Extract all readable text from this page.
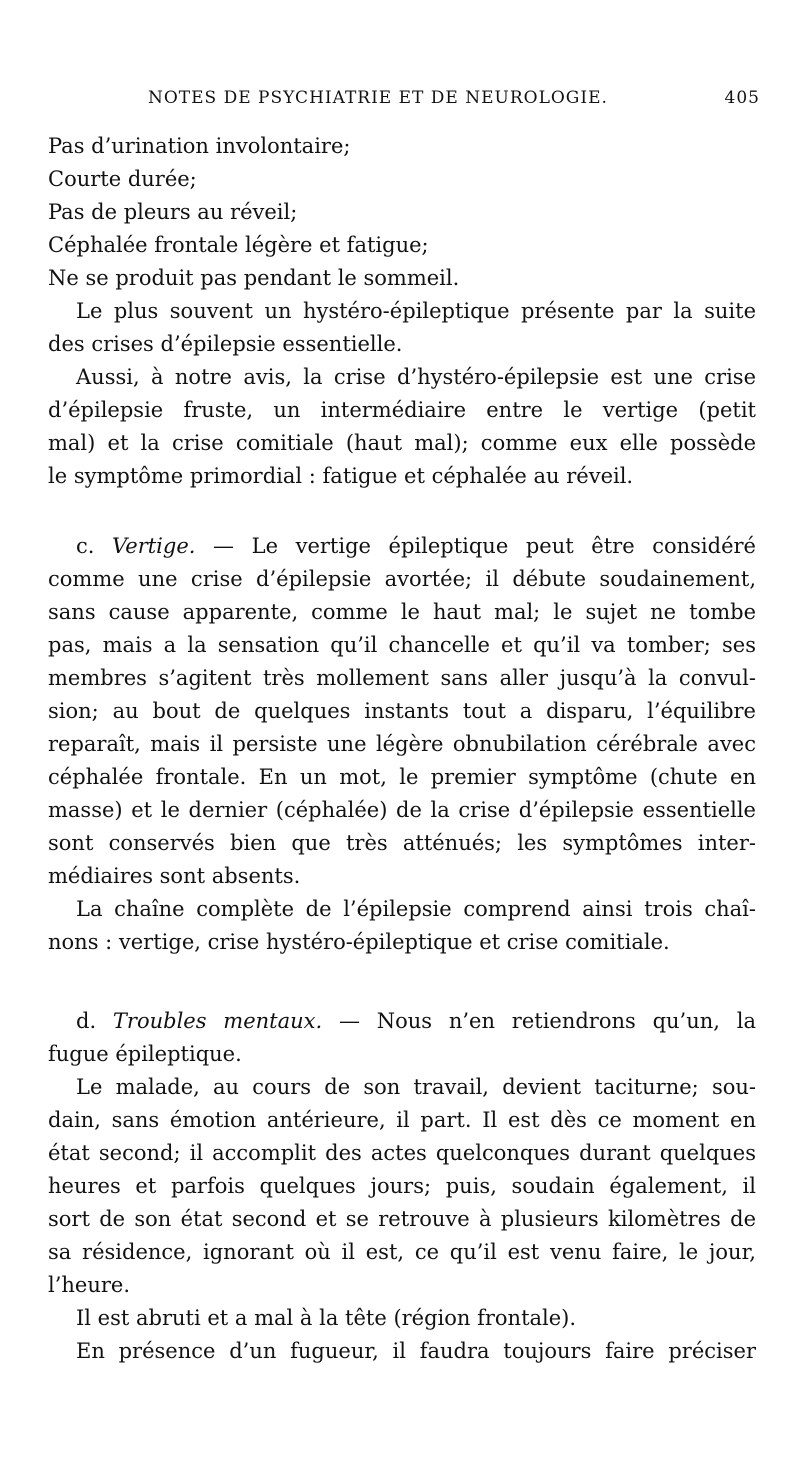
NOTES DE PSYCHIATRIE ET DE NEUROLOGIE.	405
Pas d’urination involontaire;
Courte durée;
Pas de pleurs au réveil;
Céphalée frontale légère et fatigue;
Ne se produit pas pendant le sommeil.
Le plus souvent un hystéro-épileptique présente par la suite
des crises d’épilepsie essentielle.
Aussi, à notre avis, la crise d’hystéro-épilepsie est une crise
d’épilepsie fruste, un intermédiaire entre le vertige (petit
mal) et la crise comitiale (haut mal); comme eux elle possède
le symptôme primordial : fatigue et céphalée au réveil.
c. Vertige. — Le vertige épileptique peut être considéré
comme une crise d’épilepsie avortée; il débute soudainement,
sans cause apparente, comme le haut mal; le sujet ne tombe
pas, mais a la sensation qu’il chancelle et qu’il va tomber; ses
membres s’agitent très mollement sans aller jusqu’à la convul-
sion; au bout de quelques instants tout a disparu, l’équilibre
reparaît, mais il persiste une légère obnubilation cérébrale avec
céphalée frontale. En un mot, le premier symptôme (chute en
masse) et le dernier (céphalée) de la crise d’épilepsie essentielle
sont conservés bien que très atténués; les symptômes inter-
médiaires sont absents.
La chaîne complète de l’épilepsie comprend ainsi trois chaî-
nons : vertige, crise hystéro-épileptique et crise comitiale.
d. Troubles mentaux. — Nous n’en retiendrons qu’un, la
fugue épileptique.
Le malade, au cours de son travail, devient taciturne; sou-
dain, sans émotion antérieure, il part. Il est dès ce moment en
état second; il accomplit des actes quelconques durant quelques
heures et parfois quelques jours; puis, soudain également, il
sort de son état second et se retrouve à plusieurs kilomètres de
sa résidence, ignorant où il est, ce qu’il est venu faire, le jour,
l’heure.
Il est abruti et a mal à la tête (région frontale).
En présence d’un fugueur, il faudra toujours faire préciser
